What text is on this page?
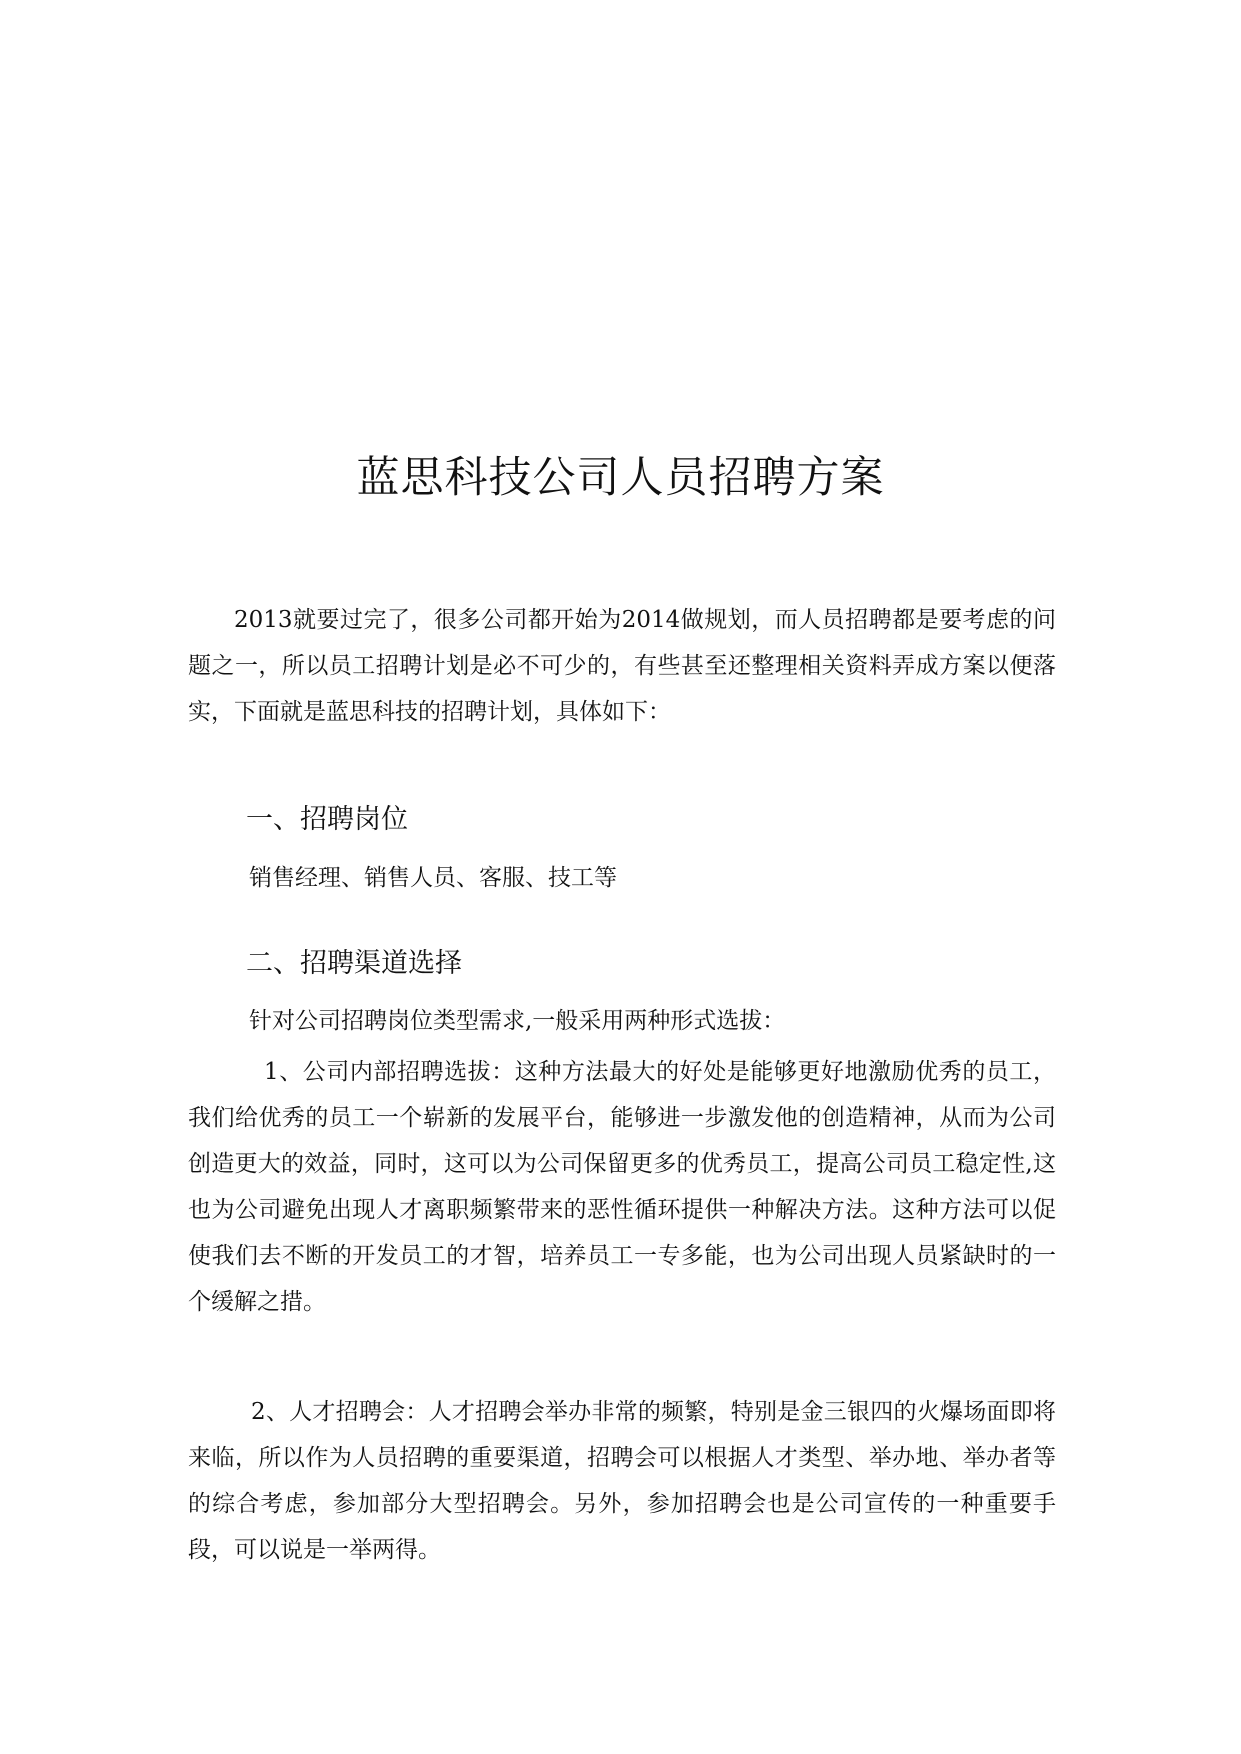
蓝思科技公司人员招聘方案

2013就要过完了，很多公司都开始为2014做规划，而人员招聘都是要考虑的问题之一，所以员工招聘计划是必不可少的，有些甚至还整理相关资料弄成方案以便落实，下面就是蓝思科技的招聘计划，具体如下：

一、招聘岗位

销售经理、销售人员、客服、技工等

二、招聘渠道选择

针对公司招聘岗位类型需求,一般采用两种形式选拔：

1、公司内部招聘选拔：这种方法最大的好处是能够更好地激励优秀的员工，我们给优秀的员工一个崭新的发展平台，能够进一步激发他的创造精神，从而为公司创造更大的效益，同时，这可以为公司保留更多的优秀员工，提高公司员工稳定性,这也为公司避免出现人才离职频繁带来的恶性循环提供一种解决方法。这种方法可以促使我们去不断的开发员工的才智，培养员工一专多能，也为公司出现人员紧缺时的一个缓解之措。

2、人才招聘会：人才招聘会举办非常的频繁，特别是金三银四的火爆场面即将来临，所以作为人员招聘的重要渠道，招聘会可以根据人才类型、举办地、举办者等的综合考虑，参加部分大型招聘会。另外，参加招聘会也是公司宣传的一种重要手段，可以说是一举两得。
